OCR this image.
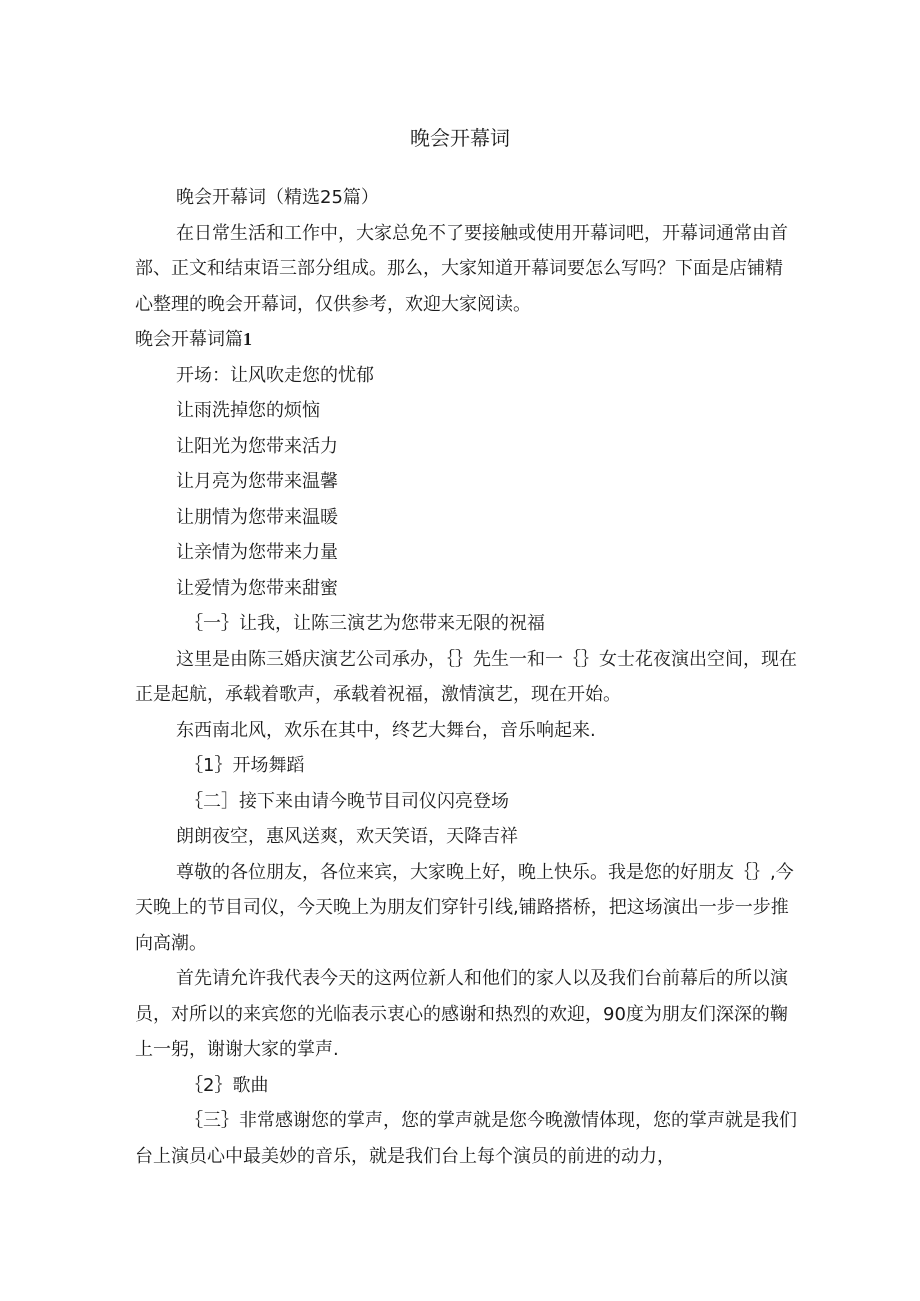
晚会开幕词

晚会开幕词（精选25篇）

在日常生活和工作中，大家总免不了要接触或使用开幕词吧，开幕词通常由首部、正文和结束语三部分组成。那么，大家知道开幕词要怎么写吗？下面是店铺精心整理的晚会开幕词，仅供参考，欢迎大家阅读。

晚会开幕词篇1

开场：让风吹走您的忧郁

让雨洗掉您的烦恼

让阳光为您带来活力

让月亮为您带来温馨

让朋情为您带来温暖

让亲情为您带来力量

让爱情为您带来甜蜜

｛一｝让我，让陈三演艺为您带来无限的祝福

这里是由陈三婚庆演艺公司承办，｛｝先生一和一｛｝女士花夜演出空间，现在正是起航，承载着歌声，承载着祝福，激情演艺，现在开始。

东西南北风，欢乐在其中，终艺大舞台，音乐响起来.

｛1｝开场舞蹈

｛二］接下来由请今晚节目司仪闪亮登场

朗朗夜空，惠风送爽，欢天笑语，天降吉祥

尊敬的各位朋友，各位来宾，大家晚上好，晚上快乐。我是您的好朋友｛｝,今天晚上的节目司仪，今天晚上为朋友们穿针引线,铺路搭桥，把这场演出一步一步推向高潮。

首先请允许我代表今天的这两位新人和他们的家人以及我们台前幕后的所以演员，对所以的来宾您的光临表示衷心的感谢和热烈的欢迎，90度为朋友们深深的鞠上一躬，谢谢大家的掌声.

｛2｝歌曲

｛三｝非常感谢您的掌声，您的掌声就是您今晚激情体现，您的掌声就是我们台上演员心中最美妙的音乐，就是我们台上每个演员的前进的动力，
